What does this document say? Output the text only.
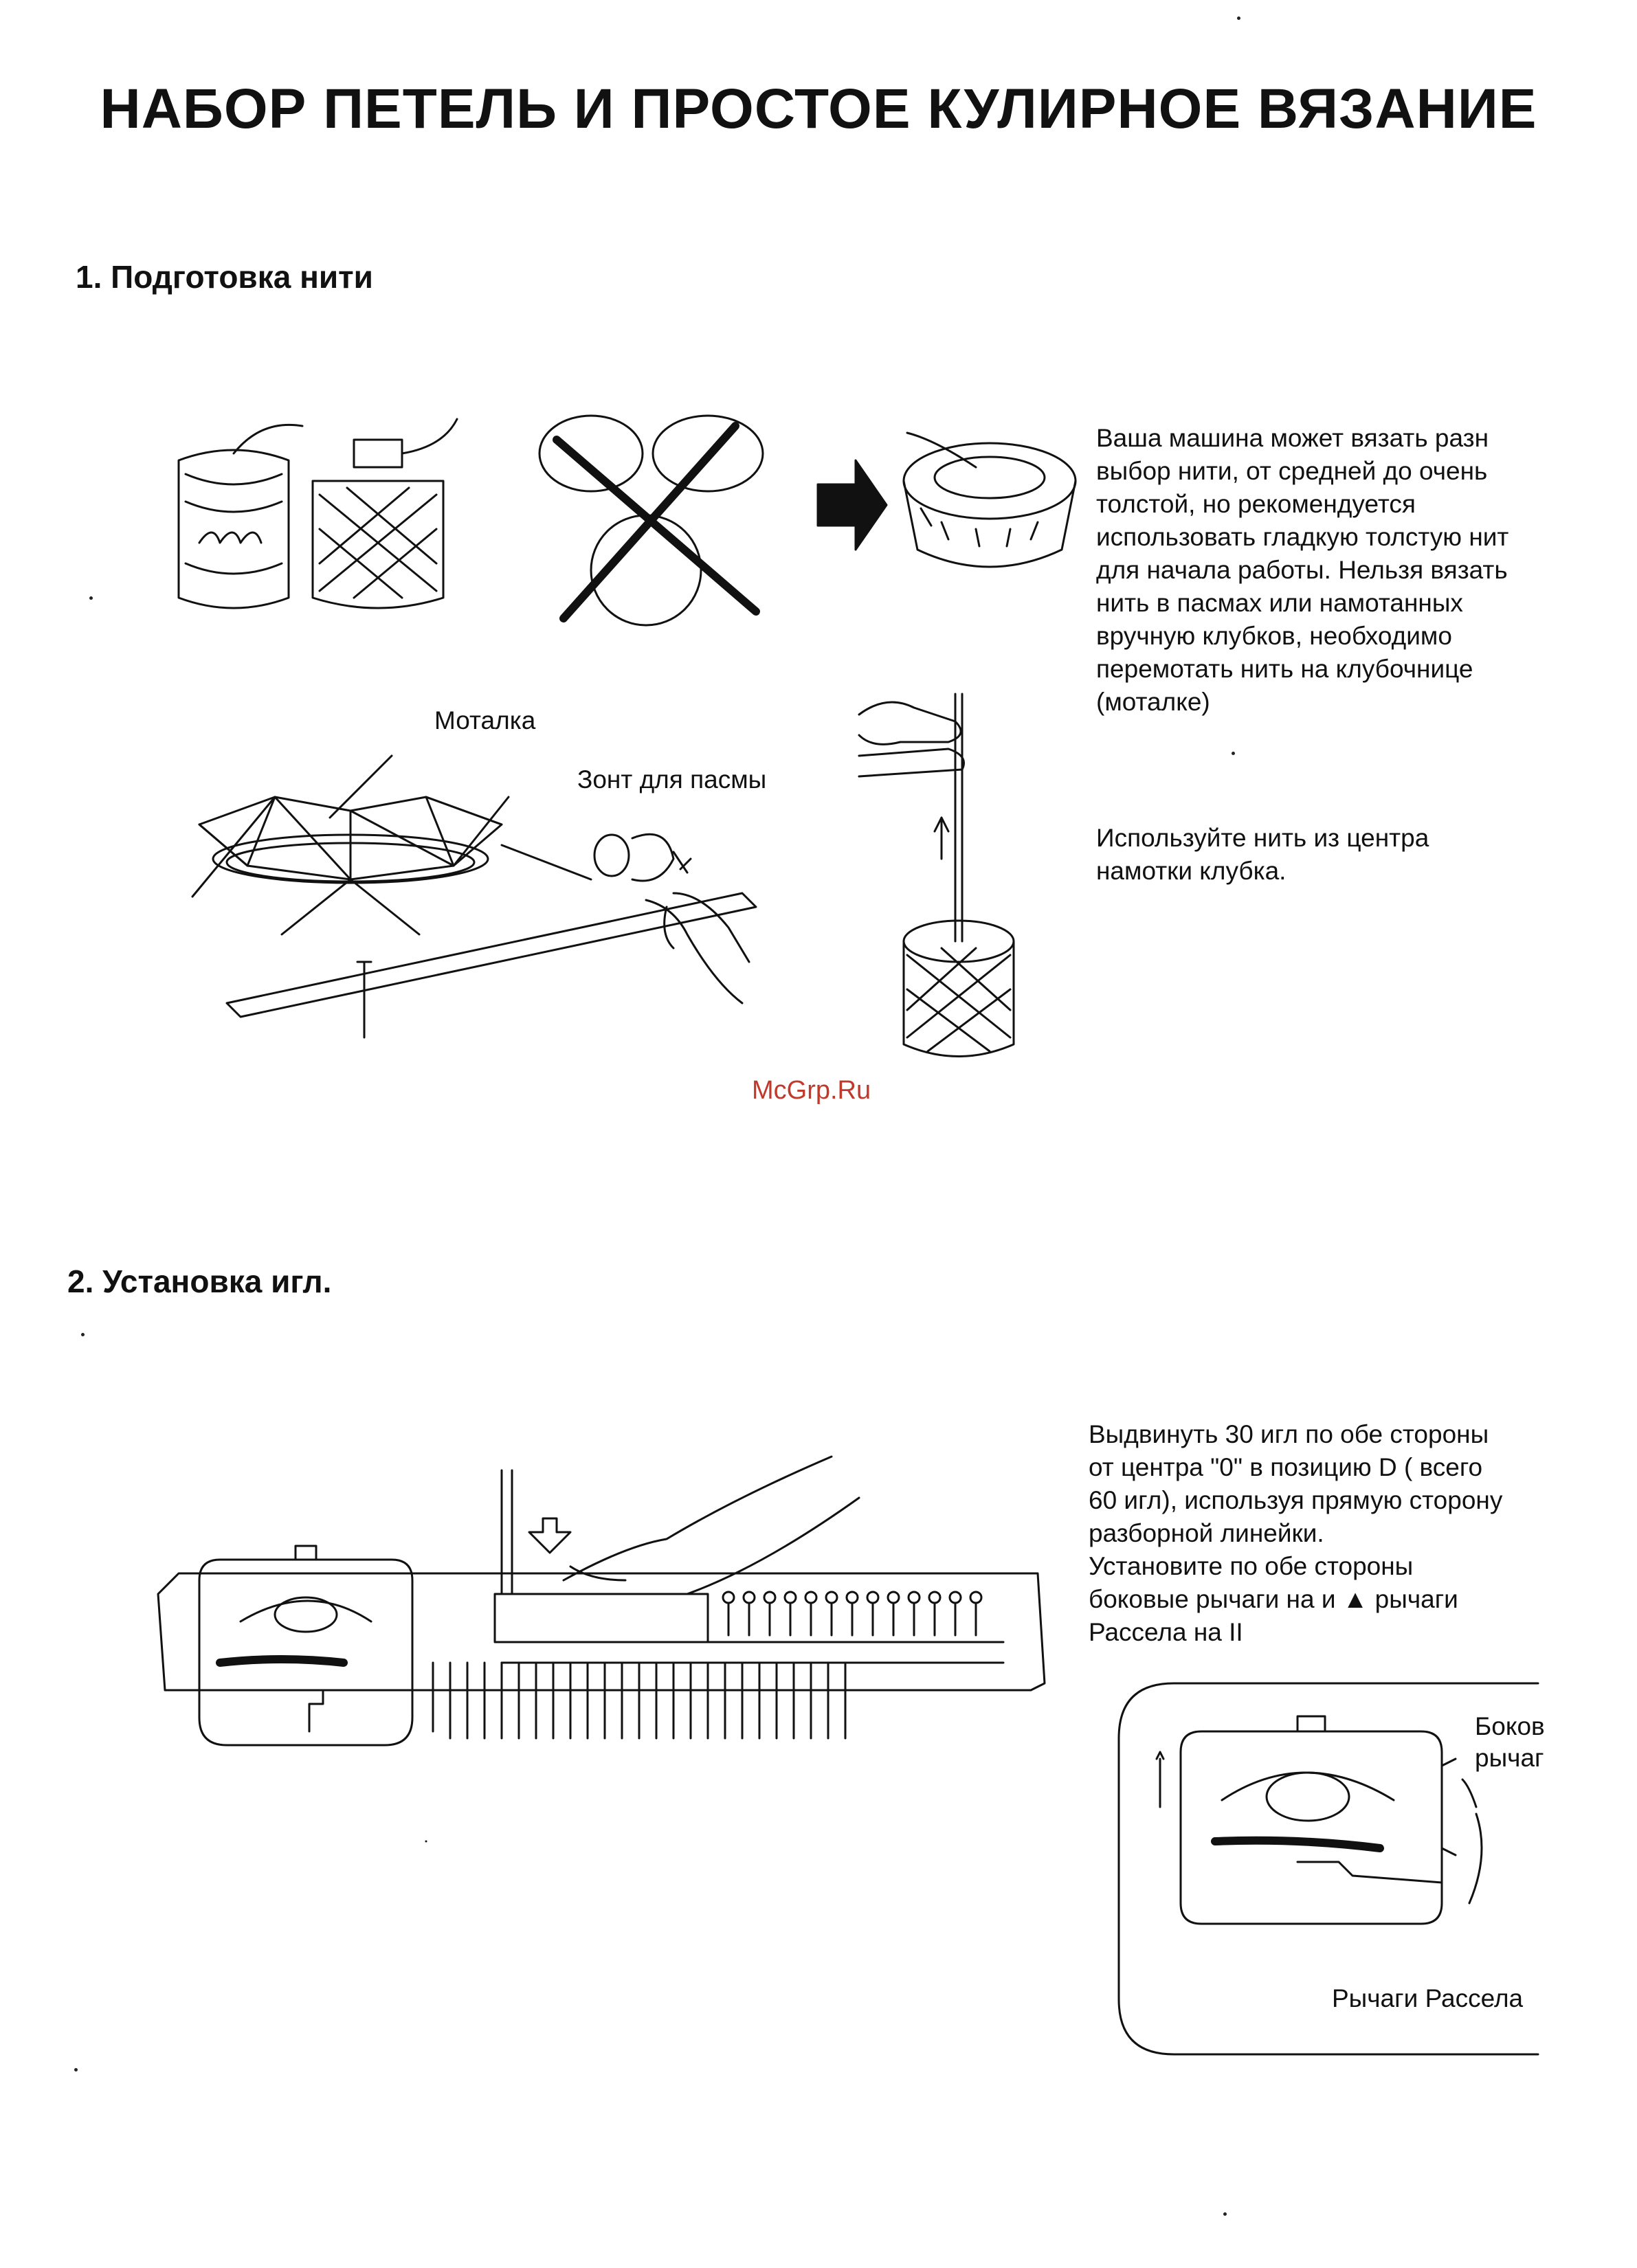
НАБОР ПЕТЕЛЬ И ПРОСТОЕ КУЛИРНОЕ ВЯЗАНИЕ
1. Подготовка нити
Ваша машина может вязать разн
выбор нити, от средней до очень
толстой, но рекомендуется
использовать гладкую толстую нит
для начала работы. Нельзя вязать
нить в пасмах или намотанных
вручную клубков, необходимо
перемотать нить на клубочнице
(моталке)
Используйте нить из центра
намотки клубка.
Моталка
Зонт для пасмы
McGrp.Ru
2. Установка игл.
Выдвинуть 30 игл по обе стороны
от центра "0" в позицию D ( всего
60 игл), используя прямую сторону
разборной линейки.
Установите по обе стороны
боковые рычаги на и ▲ рычаги
Рассела на II
Боков
рычаг
Рычаги Рассела
